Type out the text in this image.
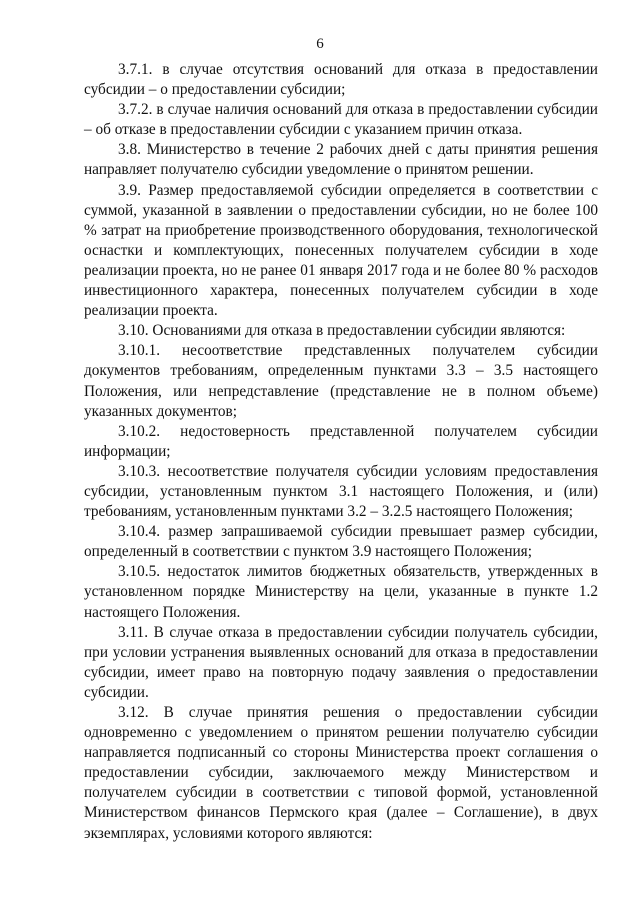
6

3.7.1. в случае отсутствия оснований для отказа в предоставлении субсидии – о предоставлении субсидии;

3.7.2. в случае наличия оснований для отказа в предоставлении субсидии – об отказе в предоставлении субсидии с указанием причин отказа.

3.8. Министерство в течение 2 рабочих дней с даты принятия решения направляет получателю субсидии уведомление о принятом решении.

3.9. Размер предоставляемой субсидии определяется в соответствии с суммой, указанной в заявлении о предоставлении субсидии, но не более 100 % затрат на приобретение производственного оборудования, технологической оснастки и комплектующих, понесенных получателем субсидии в ходе реализации проекта, но не ранее 01 января 2017 года и не более 80 % расходов инвестиционного характера, понесенных получателем субсидии в ходе реализации проекта.

3.10. Основаниями для отказа в предоставлении субсидии являются:

3.10.1. несоответствие представленных получателем субсидии документов требованиям, определенным пунктами 3.3 – 3.5 настоящего Положения, или непредставление (представление не в полном объеме) указанных документов;

3.10.2. недостоверность представленной получателем субсидии информации;

3.10.3. несоответствие получателя субсидии условиям предоставления субсидии, установленным пунктом 3.1 настоящего Положения, и (или) требованиям, установленным пунктами 3.2 – 3.2.5 настоящего Положения;

3.10.4. размер запрашиваемой субсидии превышает размер субсидии, определенный в соответствии с пунктом 3.9 настоящего Положения;

3.10.5. недостаток лимитов бюджетных обязательств, утвержденных в установленном порядке Министерству на цели, указанные в пункте 1.2 настоящего Положения.

3.11. В случае отказа в предоставлении субсидии получатель субсидии, при условии устранения выявленных оснований для отказа в предоставлении субсидии, имеет право на повторную подачу заявления о предоставлении субсидии.

3.12. В случае принятия решения о предоставлении субсидии одновременно с уведомлением о принятом решении получателю субсидии направляется подписанный со стороны Министерства проект соглашения о предоставлении субсидии, заключаемого между Министерством и получателем субсидии в соответствии с типовой формой, установленной Министерством финансов Пермского края (далее – Соглашение), в двух экземплярах, условиями которого являются:
